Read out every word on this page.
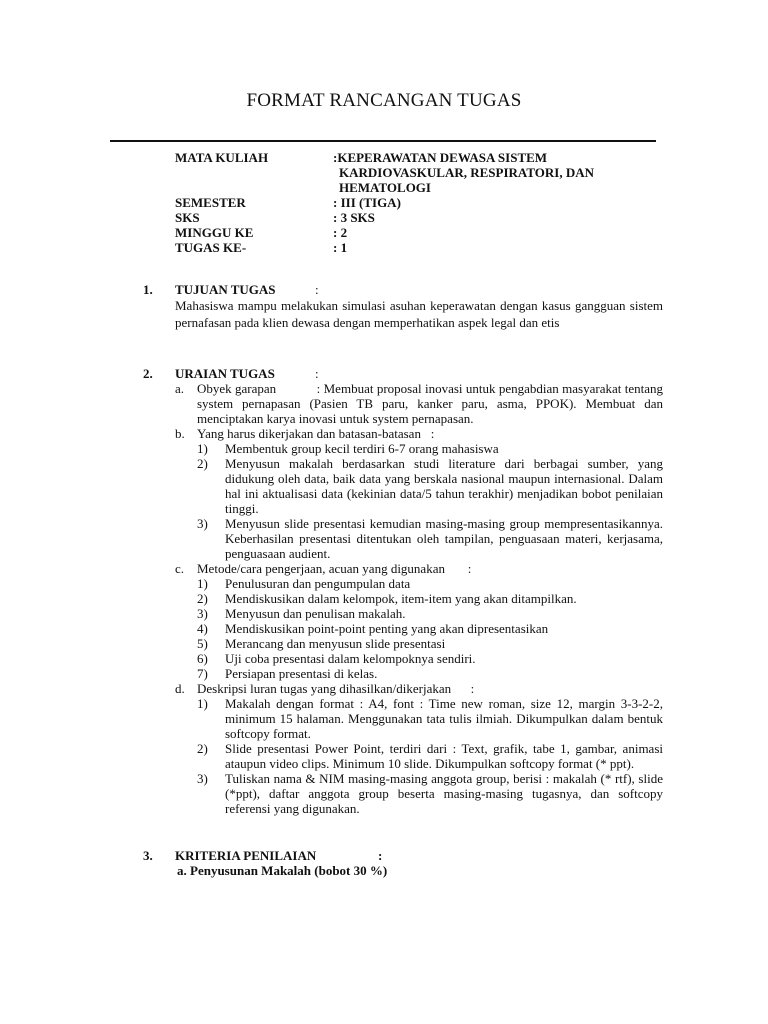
FORMAT RANCANGAN TUGAS
MATA KULIAH	:KEPERAWATAN DEWASA SISTEM
KARDIOVASKULAR, RESPIRATORI, DAN
HEMATOLOGI
SEMESTER	: III (TIGA)
SKS	: 3 SKS
MINGGU KE	: 2
TUGAS KE-	: 1
1.	TUJUAN TUGAS	:
Mahasiswa mampu melakukan simulasi asuhan keperawatan dengan kasus gangguan sistem pernafasan pada klien dewasa dengan memperhatikan aspek legal dan etis
2.	URAIAN TUGAS	:
a. Obyek garapan            : Membuat proposal inovasi untuk pengabdian masyarakat tentang system pernapasan (Pasien TB paru, kanker paru, asma, PPOK). Membuat dan menciptakan karya inovasi untuk system pernapasan.
b. Yang harus dikerjakan dan batasan-batasan   :
1)	Membentuk group kecil terdiri 6-7 orang mahasiswa
2)	Menyusun makalah berdasarkan studi literature dari berbagai sumber, yang didukung oleh data, baik data yang berskala nasional maupun internasional. Dalam hal ini aktualisasi data (kekinian data/5 tahun terakhir) menjadikan bobot penilaian tinggi.
3)	Menyusun slide presentasi kemudian masing-masing group mempresentasikannya. Keberhasilan presentasi ditentukan oleh tampilan, penguasaan materi, kerjasama, penguasaan audient.
c. Metode/cara pengerjaan, acuan yang digunakan       :
1)	Penulusuran dan pengumpulan data
2)	Mendiskusikan dalam kelompok, item-item yang akan ditampilkan.
3)	Menyusun dan penulisan makalah.
4)	Mendiskusikan point-point penting yang akan dipresentasikan
5)	Merancang dan menyusun slide presentasi
6)	Uji coba presentasi dalam kelompoknya sendiri.
7)	Persiapan presentasi di kelas.
d. Deskripsi luran tugas yang dihasilkan/dikerjakan      :
1)	Makalah dengan format : A4, font : Time new roman, size 12, margin 3-3-2-2, minimum 15 halaman. Menggunakan tata tulis ilmiah. Dikumpulkan dalam bentuk softcopy format.
2)	Slide presentasi Power Point, terdiri dari : Text, grafik, tabe 1, gambar, animasi ataupun video clips. Minimum 10 slide. Dikumpulkan softcopy format (* ppt).
3)	Tuliskan nama & NIM masing-masing anggota group, berisi : makalah (* rtf), slide (*ppt), daftar anggota group beserta masing-masing tugasnya, dan softcopy referensi yang digunakan.
3.	KRITERIA PENILAIAN	:
a. Penyusunan Makalah (bobot 30 %)
